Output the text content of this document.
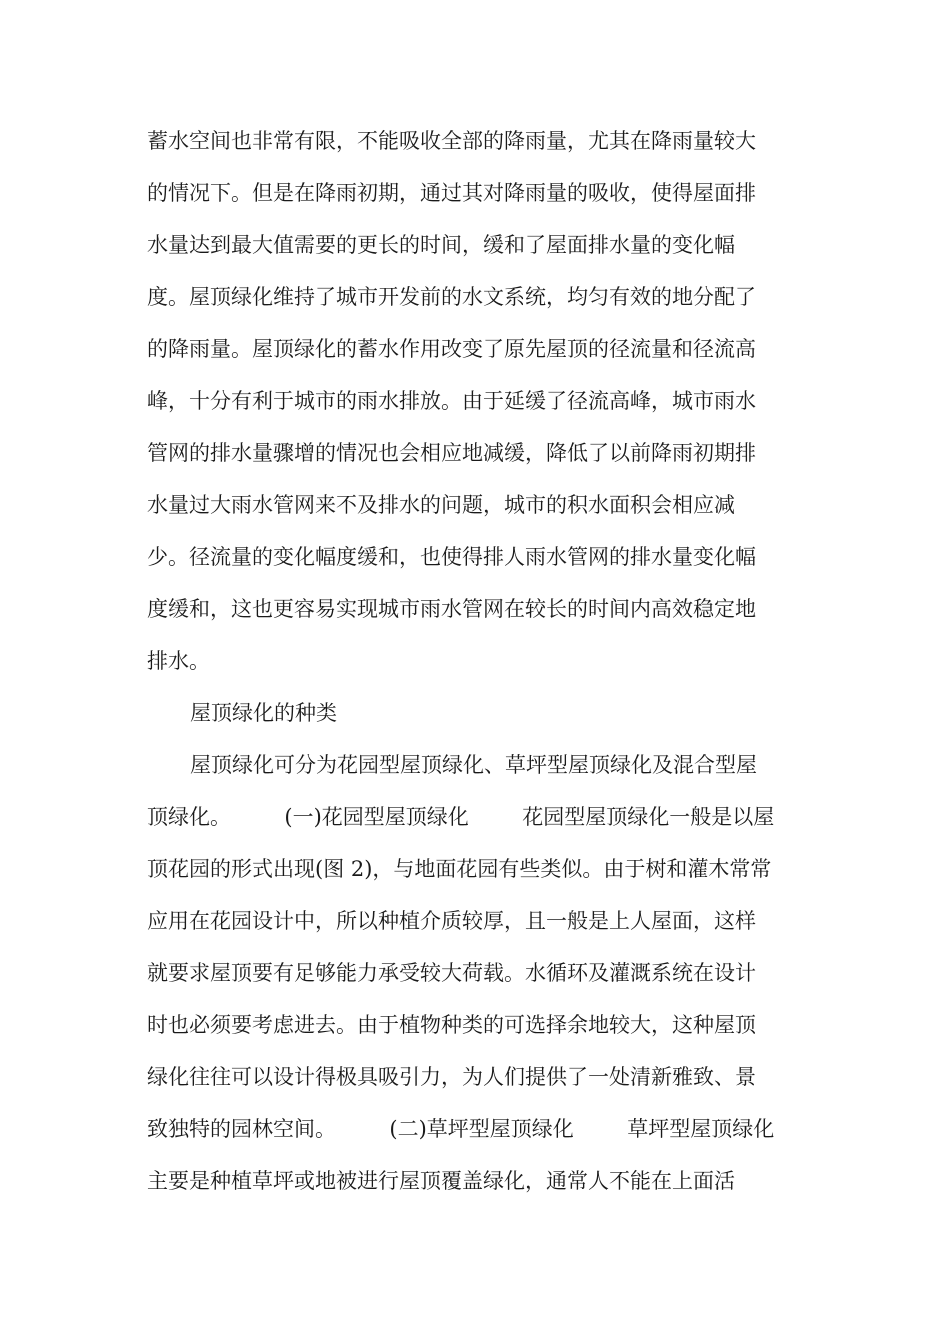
蓄水空间也非常有限，不能吸收全部的降雨量，尤其在降雨量较大
的情况下。但是在降雨初期，通过其对降雨量的吸收，使得屋面排
水量达到最大值需要的更长的时间，缓和了屋面排水量的变化幅
度。屋顶绿化维持了城市开发前的水文系统，均匀有效的地分配了
的降雨量。屋顶绿化的蓄水作用改变了原先屋顶的径流量和径流高
峰，十分有利于城市的雨水排放。由于延缓了径流高峰，城市雨水
管网的排水量骤增的情况也会相应地减缓，降低了以前降雨初期排
水量过大雨水管网来不及排水的问题，城市的积水面积会相应减
少。径流量的变化幅度缓和，也使得排人雨水管网的排水量变化幅
度缓和，这也更容易实现城市雨水管网在较长的时间内高效稳定地
排水。
屋顶绿化的种类
屋顶绿化可分为花园型屋顶绿化、草坪型屋顶绿化及混合型屋
顶绿化。        (一)花园型屋顶绿化        花园型屋顶绿化一般是以屋
顶花园的形式出现(图 2)，与地面花园有些类似。由于树和灌木常常
应用在花园设计中，所以种植介质较厚，且一般是上人屋面，这样
就要求屋顶要有足够能力承受较大荷载。水循环及灌溉系统在设计
时也必须要考虑进去。由于植物种类的可选择余地较大，这种屋顶
绿化往往可以设计得极具吸引力，为人们提供了一处清新雅致、景
致独特的园林空间。        (二)草坪型屋顶绿化        草坪型屋顶绿化
主要是种植草坪或地被进行屋顶覆盖绿化，通常人不能在上面活
